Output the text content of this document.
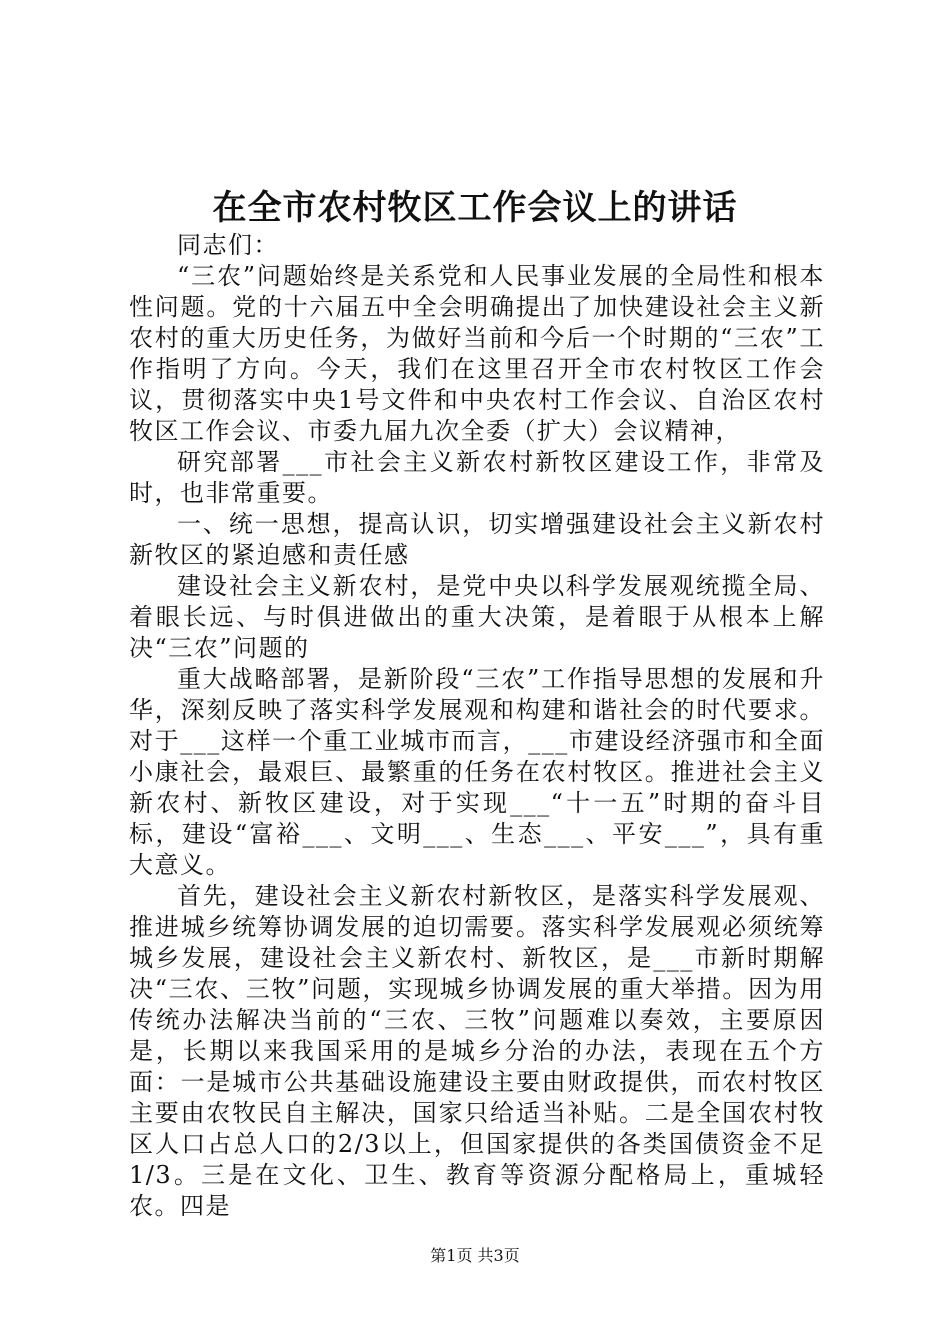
在全市农村牧区工作会议上的讲话

同志们：

“三农”问题始终是关系党和人民事业发展的全局性和根本性问题。党的十六届五中全会明确提出了加快建设社会主义新农村的重大历史任务，为做好当前和今后一个时期的“三农”工作指明了方向。今天，我们在这里召开全市农村牧区工作会议，贯彻落实中央1号文件和中央农村工作会议、自治区农村牧区工作会议、市委九届九次全委（扩大）会议精神，

研究部署___市社会主义新农村新牧区建设工作，非常及时，也非常重要。

一、统一思想，提高认识，切实增强建设社会主义新农村新牧区的紧迫感和责任感

建设社会主义新农村，是党中央以科学发展观统揽全局、着眼长远、与时俱进做出的重大决策，是着眼于从根本上解决“三农”问题的

重大战略部署，是新阶段“三农”工作指导思想的发展和升华，深刻反映了落实科学发展观和构建和谐社会的时代要求。对于___这样一个重工业城市而言，___市建设经济强市和全面小康社会，最艰巨、最繁重的任务在农村牧区。推进社会主义新农村、新牧区建设，对于实现___“十一五”时期的奋斗目标，建设“富裕___、文明___、生态___、平安___”，具有重大意义。

首先，建设社会主义新农村新牧区，是落实科学发展观、推进城乡统筹协调发展的迫切需要。落实科学发展观必须统筹城乡发展，建设社会主义新农村、新牧区，是___市新时期解决“三农、三牧”问题，实现城乡协调发展的重大举措。因为用传统办法解决当前的“三农、三牧”问题难以奏效，主要原因是，长期以来我国采用的是城乡分治的办法，表现在五个方面：一是城市公共基础设施建设主要由财政提供，而农村牧区主要由农牧民自主解决，国家只给适当补贴。二是全国农村牧区人口占总人口的2/3以上，但国家提供的各类国债资金不足1/3。三是在文化、卫生、教育等资源分配格局上，重城轻农。四是

第1页 共3页
